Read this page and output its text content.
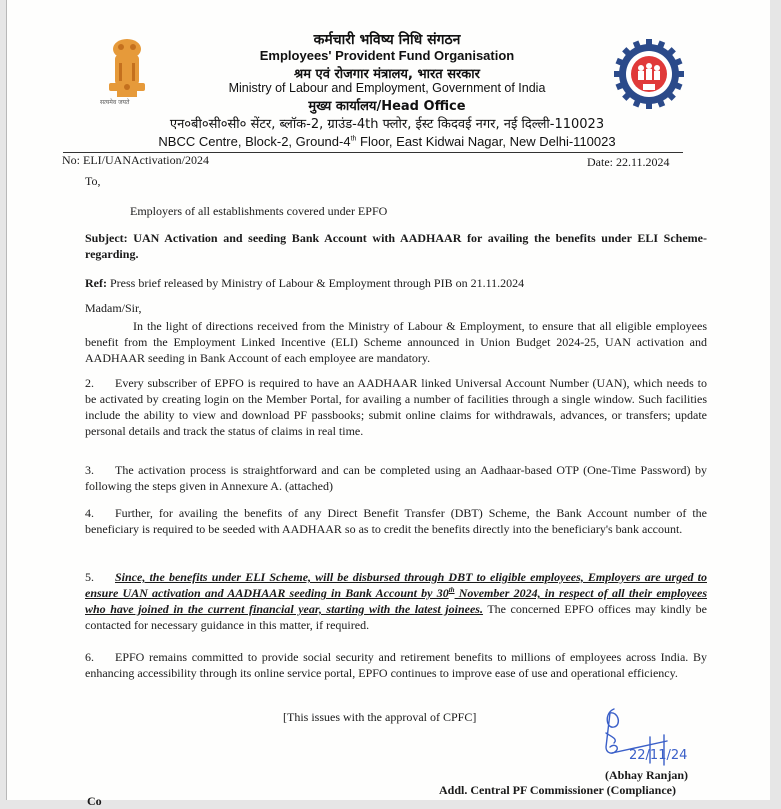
सत्यमेव जयते
कर्मचारी भविष्य निधि संगठन
Employees' Provident Fund Organisation
श्रम एवं रोजगार मंत्रालय, भारत सरकार
Ministry of Labour and Employment, Government of India
मुख्य कार्यालय/Head Office
एन०बी०सी०सी० सेंटर, ब्लॉक-2, ग्राउंड-4th फ्लोर, ईस्ट किदवई नगर, नई दिल्ली-110023
NBCC Centre, Block-2, Ground-4th Floor, East Kidwai Nagar, New Delhi-110023
No: ELI/UANActivation/2024	Date: 22.11.2024
To,
Employers of all establishments covered under EPFO
Subject: UAN Activation and seeding Bank Account with AADHAAR for availing the benefits under ELI Scheme- regarding.
Ref: Press brief released by Ministry of Labour & Employment through PIB on 21.11.2024
Madam/Sir,
In the light of directions received from the Ministry of Labour & Employment, to ensure that all eligible employees benefit from the Employment Linked Incentive (ELI) Scheme announced in Union Budget 2024-25, UAN activation and AADHAAR seeding in Bank Account of each employee are mandatory.
2. Every subscriber of EPFO is required to have an AADHAAR linked Universal Account Number (UAN), which needs to be activated by creating login on the Member Portal, for availing a number of facilities through a single window. Such facilities include the ability to view and download PF passbooks; submit online claims for withdrawals, advances, or transfers; update personal details and track the status of claims in real time.
3. The activation process is straightforward and can be completed using an Aadhaar-based OTP (One-Time Password) by following the steps given in Annexure A. (attached)
4. Further, for availing the benefits of any Direct Benefit Transfer (DBT) Scheme, the Bank Account number of the beneficiary is required to be seeded with AADHAAR so as to credit the benefits directly into the beneficiary's bank account.
5. Since, the benefits under ELI Scheme, will be disbursed through DBT to eligible employees, Employers are urged to ensure UAN activation and AADHAAR seeding in Bank Account by 30th November 2024, in respect of all their employees who have joined in the current financial year, starting with the latest joinees. The concerned EPFO offices may kindly be contacted for necessary guidance in this matter, if required.
6. EPFO remains committed to provide social security and retirement benefits to millions of employees across India. By enhancing accessibility through its online service portal, EPFO continues to improve ease of use and operational efficiency.
[This issues with the approval of CPFC]
22/11/24
(Abhay Ranjan)
Addl. Central PF Commissioner (Compliance)
Co
